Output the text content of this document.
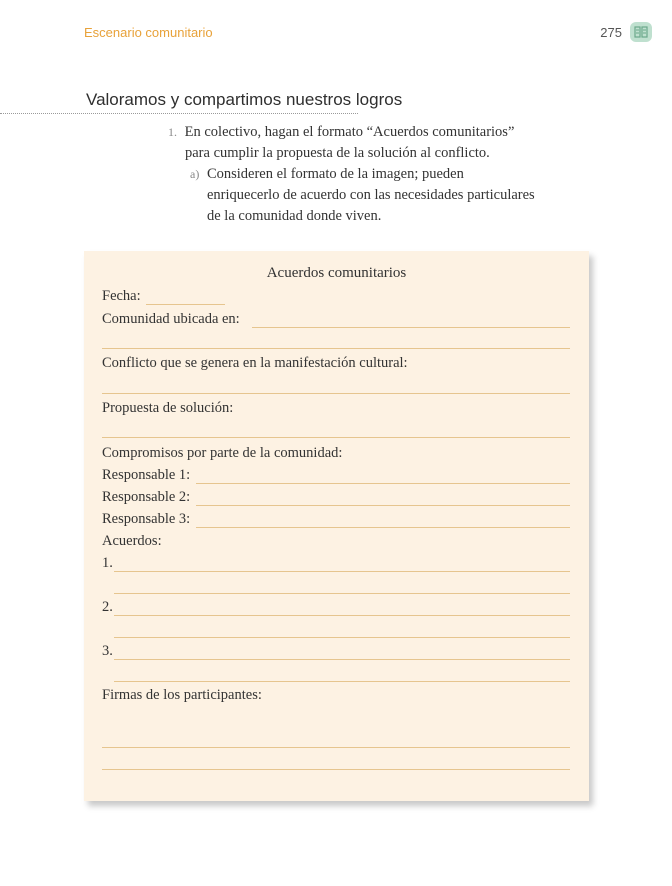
Escenario comunitario	275
Valoramos y compartimos nuestros logros
1. En colectivo, hagan el formato “Acuerdos comunitarios”
para cumplir la propuesta de la solución al conflicto.
a) Consideren el formato de la imagen; pueden
enriquecerlo de acuerdo con las necesidades particulares
de la comunidad donde viven.
Acuerdos comunitarios
Fecha:
Comunidad ubicada en:
Conflicto que se genera en la manifestación cultural:
Propuesta de solución:
Compromisos por parte de la comunidad:
Responsable 1:
Responsable 2:
Responsable 3:
Acuerdos:
1.
2.
3.
Firmas de los participantes:
